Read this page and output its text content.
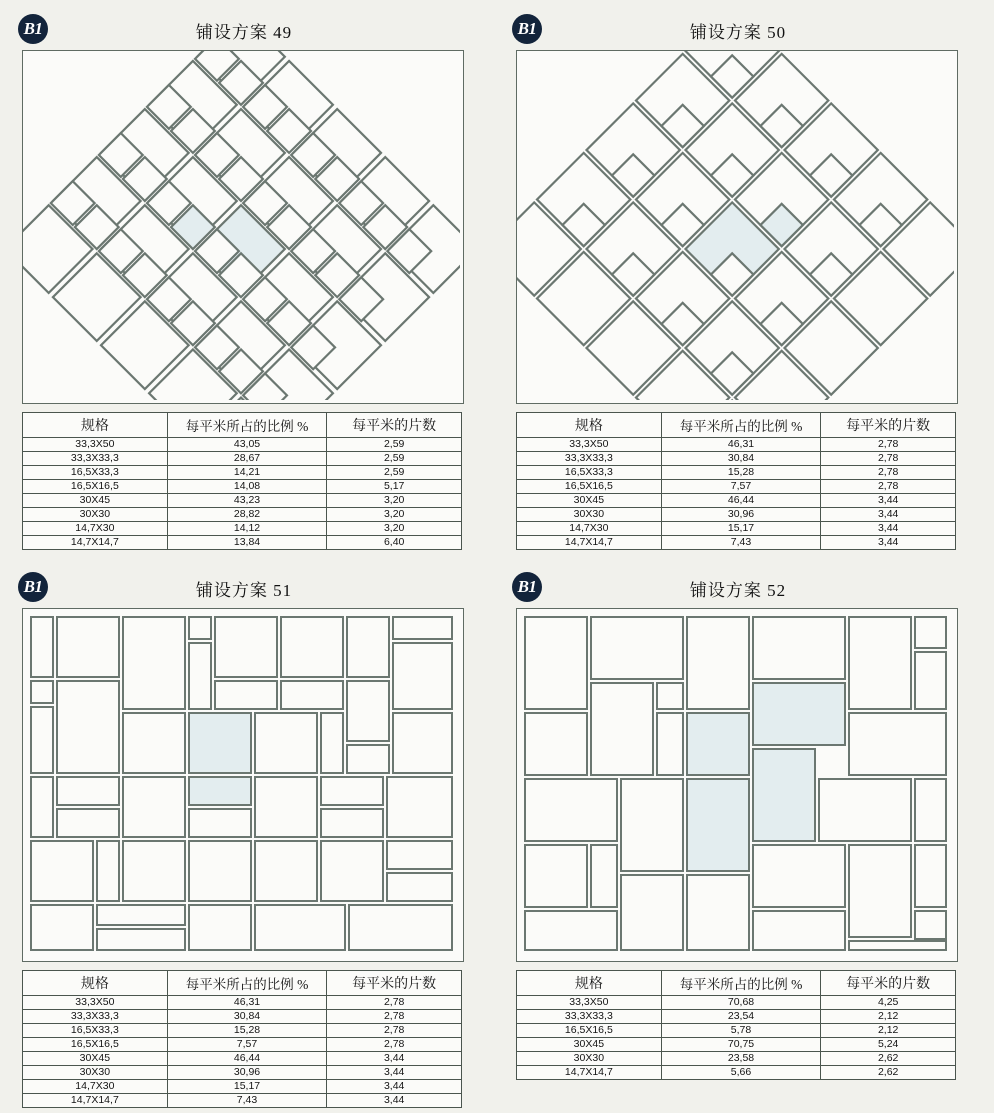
B1	铺设方案 49
规格	每平米所占的比例 %	每平米的片数
33,3X50	43,05	2,59
33,3X33,3	28,67	2,59
16,5X33,3	14,21	2,59
16,5X16,5	14,08	5,17
30X45	43,23	3,20
30X30	28,82	3,20
14,7X30	14,12	3,20
14,7X14,7	13,84	6,40
B1	铺设方案 50
规格	每平米所占的比例 %	每平米的片数
33,3X50	46,31	2,78
33,3X33,3	30,84	2,78
16,5X33,3	15,28	2,78
16,5X16,5	7,57	2,78
30X45	46,44	3,44
30X30	30,96	3,44
14,7X30	15,17	3,44
14,7X14,7	7,43	3,44
B1	铺设方案 51
规格	每平米所占的比例 %	每平米的片数
33,3X50	46,31	2,78
33,3X33,3	30,84	2,78
16,5X33,3	15,28	2,78
16,5X16,5	7,57	2,78
30X45	46,44	3,44
30X30	30,96	3,44
14,7X30	15,17	3,44
14,7X14,7	7,43	3,44
B1	铺设方案 52
规格	每平米所占的比例 %	每平米的片数
33,3X50	70,68	4,25
33,3X33,3	23,54	2,12
16,5X16,5	5,78	2,12
30X45	70,75	5,24
30X30	23,58	2,62
14,7X14,7	5,66	2,62
